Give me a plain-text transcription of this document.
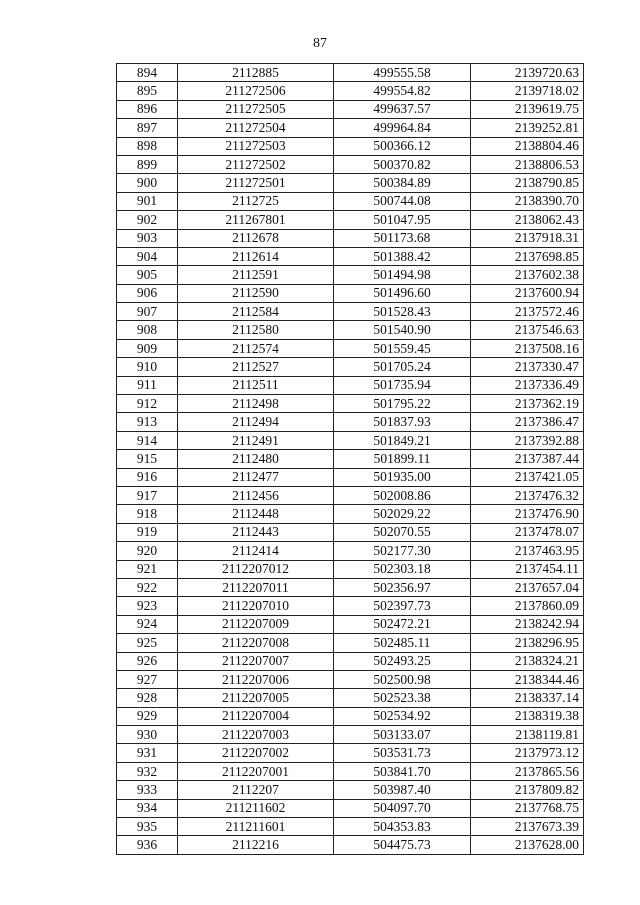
87
894	2112885	499555.58	2139720.63
895	211272506	499554.82	2139718.02
896	211272505	499637.57	2139619.75
897	211272504	499964.84	2139252.81
898	211272503	500366.12	2138804.46
899	211272502	500370.82	2138806.53
900	211272501	500384.89	2138790.85
901	2112725	500744.08	2138390.70
902	211267801	501047.95	2138062.43
903	2112678	501173.68	2137918.31
904	2112614	501388.42	2137698.85
905	2112591	501494.98	2137602.38
906	2112590	501496.60	2137600.94
907	2112584	501528.43	2137572.46
908	2112580	501540.90	2137546.63
909	2112574	501559.45	2137508.16
910	2112527	501705.24	2137330.47
911	2112511	501735.94	2137336.49
912	2112498	501795.22	2137362.19
913	2112494	501837.93	2137386.47
914	2112491	501849.21	2137392.88
915	2112480	501899.11	2137387.44
916	2112477	501935.00	2137421.05
917	2112456	502008.86	2137476.32
918	2112448	502029.22	2137476.90
919	2112443	502070.55	2137478.07
920	2112414	502177.30	2137463.95
921	2112207012	502303.18	2137454.11
922	2112207011	502356.97	2137657.04
923	2112207010	502397.73	2137860.09
924	2112207009	502472.21	2138242.94
925	2112207008	502485.11	2138296.95
926	2112207007	502493.25	2138324.21
927	2112207006	502500.98	2138344.46
928	2112207005	502523.38	2138337.14
929	2112207004	502534.92	2138319.38
930	2112207003	503133.07	2138119.81
931	2112207002	503531.73	2137973.12
932	2112207001	503841.70	2137865.56
933	2112207	503987.40	2137809.82
934	211211602	504097.70	2137768.75
935	211211601	504353.83	2137673.39
936	2112216	504475.73	2137628.00
